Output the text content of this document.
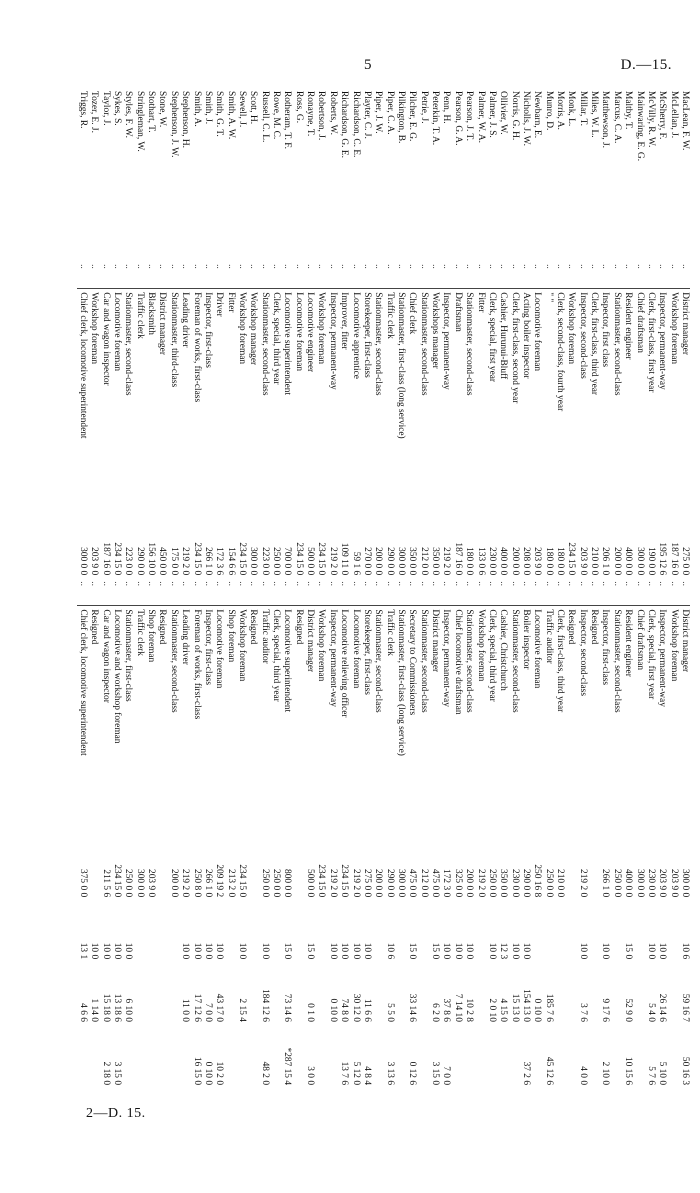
5	D.—15.
MacLean, F. W.	..	District manager	275 0 0	..	District manager	300 0 0	10 6	59 16 7	50 16 3
McLellan, J.	..	Workshop foreman	187 16 0	..	Workshop foreman	203 9 0			
McSherry, F.	..	Inspector, permanent-way	195 12 6	..	Inspector, permanent-way	203 9 0	10 0	26 14 6	5 10 0
McVilly, R. W.	..	Clerk, first-class, first year	190 0 0	..	Clerk, special, first year	230 0 0	10 0	5 4 0	5 7 6
Mainwaring, E. G.	..	Chief draftsman	300 0 0	..	Chief draftsman	300 0 0			
Maltby, T.	..	Resident engineer	400 0 0	..	Resident engineer	400 0 0	15 0	52 9 0	10 15 6
Marcus, C. A.	..	Stationmaster, second-class	200 0 0	..	Stationmaster, second-class	250 0 0			
Matthewson, J.	..	Inspector, first class	206 1 0	..	Inspector, first-class	266 1 0	10 0	9 17 6	2 10 0
Miles, W. L.	..	Clerk, first-class, third year	210 0 0	..	Resigned				
Millar, T.	..	Inspector, second-class	203 9 0	..	Inspector, second-class	219 2 0	10 0	3 7 6	4 0 0
Monk, L.	..	Workshop foreman	234 15 0	..	Resigned				
Morris, A.	..	Clerk, second-class, fourth year	180 0 0	..	Clerk, first-class, third year	210 0 0			
Munro, D.	..	" "	180 0 0	..	Traffic auditor	250 0 0		185 7 6	45 12 6
Newbarn, E.	..	Locomotive foreman	203 9 0	..	Locomotive foreman	250 16 8		0 10 0	
Nicholls, J. W.	..	Acting boiler inspector	208 0 0	..	Boiler inspector	290 0 0	10 0	154 13 0	37 2 6
Norris, G. H.	..	Clerk, first-class, second year	200 0 0	..	Stationmaster, second-class	230 0 0	10 0	15 13 0	
Ollivier, W.	..	Cashier, Hurunui-Bluff	400 0 0	..	Cashier, Christchurch	350 0 0	12 3	4 15 0	
Palmer, J. S.	..	Clerk, special, first year	230 0 0	..	Clerk, special, third year	250 0 0	10 0	2 0 10	
Palmer, W. A.	..	Fitter	133 0 6	..	Workshop foreman	219 2 0			
Pearson, J. T.	..	Stationmaster, second-class	180 0 0	..	Stationmaster, second-class	200 0 0	10 0	10 2 8	
Pearson, G. A.	..	Draftsman	187 16 0	..	Chief locomotive draftsman	325 0 0	10 0	7 14 10	
Penn, H.	..	Inspector, permanent-way	219 2 0	..	Inspector, permanent-way	172 3 0	10 0	37 8 6	7 0 0
Peterkin, T. A.	..	Workshops manager	350 0 0	..	District manager	475 0 0	15 0	6 2 0	3 15 0
Petrie, J.	..	Stationmaster, second-class	212 0 0	..	Stationmaster, second-class	212 0 0			
Pilcher, E. G.	..	Chief clerk	350 0 0	..	Secretary to Commissioners	475 0 0	15 0	33 14 6	0 12 6
Pilkington, B.	..	Stationmaster, first-class (long service)	300 0 0	..	Stationmaster, first-class (long service)	300 0 0			
Piper, C. A.	..	Traffic clerk	290 0 0	..	Traffic clerk	290 0 0	10 6	5 5 0	3 13 6
Piper, J. W.	..	Stationmaster, second-class	200 0 0	..	Stationmaster, second-class	200 0 0			
Playter, C. J.	..	Storekeeper, first-class	270 0 0	..	Storekeeper, first-class	275 0 0	10 0	11 6 6	4 8 4
Richardson, C. E.	..	Locomotive apprentice	59 1 6	..	Locomotive foreman	219 2 0	10 0	30 12 0	5 12 0
Richardson, G. E.	..	Improver, fitter	109 11 0	..	Locomotive relieving officer	234 15 0	10 0	74 8 0	13 7 6
Roberts, W.	..	Inspector, permanent-way	219 2 0	..	Inspector, permanent-way	219 2 0	10 0	0 10 0	
Robertson, J.	..	Workshop foreman	234 15 0	..	Workshop foreman	234 15 0			
Ronayne, T.	..	Locomotive engineer	500 0 0	..	District manager	500 0 0	15 0	0 1 0	3 0 0
Ross, G.	..	Locomotive foreman	234 15 0	..	Resigned				
Rotheram, T. F.	..	Locomotive superintendent	700 0 0	..	Locomotive superintendent	800 0 0	15 0	73 14 6	*287 15 4
Rowe, M. C.	..	Clerk, special, third year	250 0 0	..	Clerk, special, third year	250 0 0			
Russell, C. L.	..	Stationmaster, second-class	223 0 0	..	Traffic auditor	250 0 0	10 0	184 12 6	48 2 0
Scott, H.	..	Workshop manager	300 0 0	..	Resigned				
Sewell, J.	..	Workshop foreman	234 15 0	..	Workshop foreman	234 15 0	10 0	2 15 4	
Smith, A. W.	..	Fitter	154 6 6	..	Shop foreman	213 2 0			
Smith, G. T.	..	Driver	172 3 6	..	Locomotive foreman	209 19 2	10 0	43 17 0	10 2 0
Smith, J.	..	Inspector, first-class	266 1 0	..	Inspector, first-class	266 1 0	10 0	7 0 0	0 10 0
Smith, A.	..	Foreman of works, first-class	234 15 0	..	Foreman of works, first-class	250 8 0	10 0	17 12 6	16 15 0
Stephenson, H.	..	Leading driver	219 2 0	..	Leading driver	219 2 0	10 0	11 0 0	
Stephenson, J. W.	..	Stationmaster, third-class	175 0 0	..	Stationmaster, second-class	200 0 0			
Stone, W.	..	District manager	450 0 0	..	Resigned				
Stothart, T.	..	Blacksmith	156 10 0	..	Shop foreman	203 9 0			
Stringleman, W.	..	Traffic clerk	290 0 0	..	Traffic clerk	300 0 0			
Styles, F. W.	..	Stationmaster, second-class	223 0 0	..	Stationmaster, first-class	250 0 0	10 0	6 10 0	
Sykes, S.	..	Locomotive foreman	234 15 0	..	Locomotive and workshop foreman	234 15 0	10 0	13 18 6	3 15 0
Taylor, J.	..	Car and wagon inspector	187 16 0	..	Car and wagon inspector	211 5 6	10 0	15 18 0	2 18 0
Tozer, E. J.	..	Workshop foreman	203 9 0	..	Resigned		10 0	1 14 0	
Triggs, R.	..	Chief clerk, locomotive superintendent	300 0 0	..	Chief clerk, locomotive superintendent	375 0 0	13 1	4 6 6	
2—D. 15.
